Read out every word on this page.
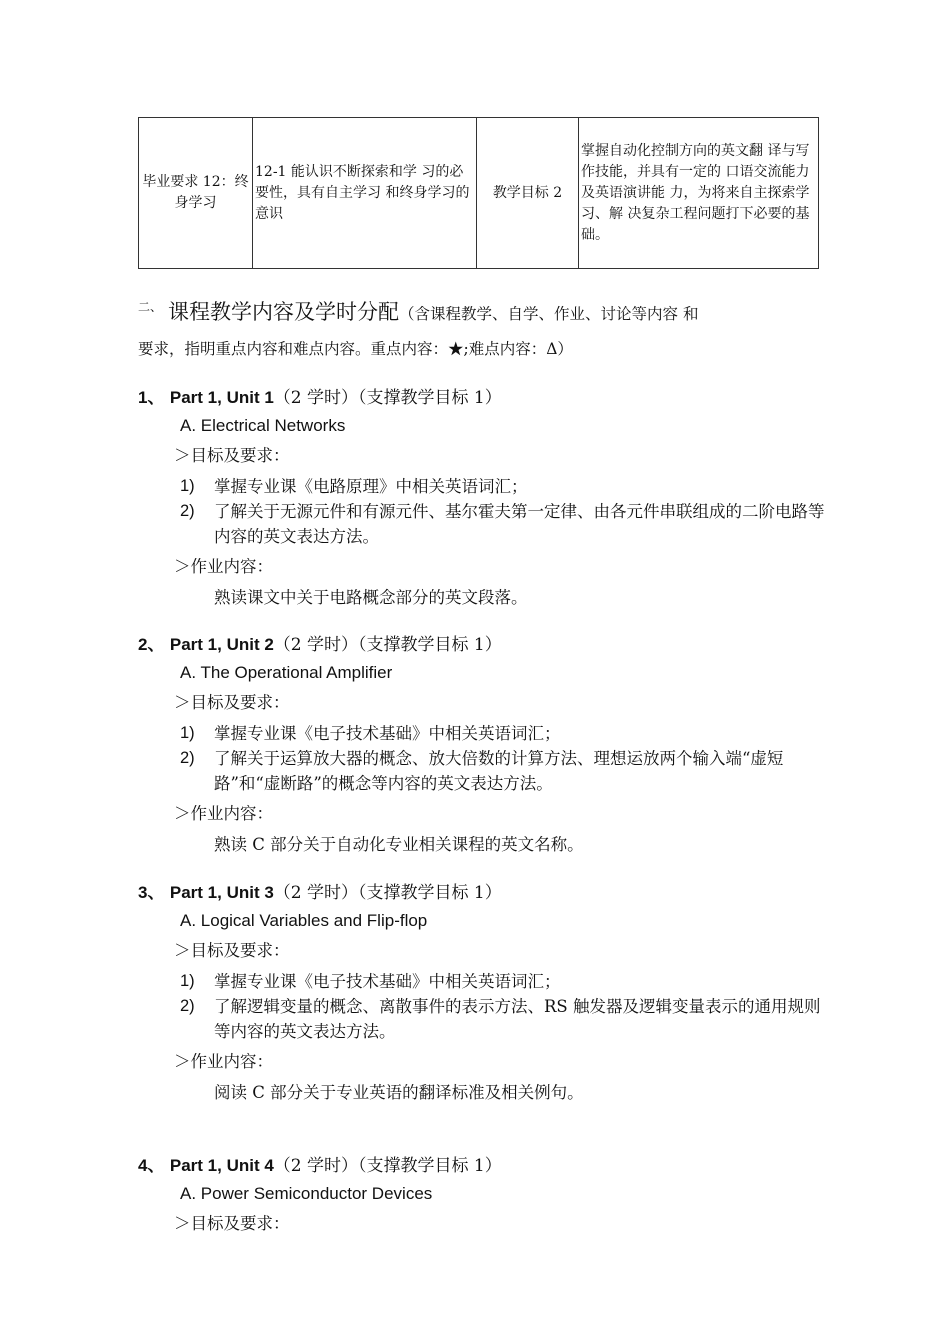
毕业要求 12：终身学习	12-1 能认识不断探索和学 习的必要性，具有自主学习 和终身学习的意识	教学目标 2	掌握自动化控制方向的英文翻 译与写作技能，并具有一定的 口语交流能力及英语演讲能 力，为将来自主探索学习、解 决复杂工程问题打下必要的基 础。
$^{二、}$ 课程教学内容及学时分配（含课程教学、自学、作业、讨论等内容 和
要求，指明重点内容和难点内容。重点内容：★;难点内容：Δ）
1、 Part 1, Unit 1（2 学时）（支撑教学目标 1）
A. Electrical Networks
＞目标及要求：
1) 掌握专业课《电路原理》中相关英语词汇；
2) 了解关于无源元件和有源元件、基尔霍夫第一定律、由各元件串联组成的二阶电路等内容的英文表达方法。
＞作业内容：
熟读课文中关于电路概念部分的英文段落。
2、 Part 1, Unit 2（2 学时）（支撑教学目标 1）
A. The Operational Amplifier
＞目标及要求：
1) 掌握专业课《电子技术基础》中相关英语词汇；
2) 了解关于运算放大器的概念、放大倍数的计算方法、理想运放两个输入端“虚短路”和“虚断路”的概念等内容的英文表达方法。
＞作业内容：
熟读 C 部分关于自动化专业相关课程的英文名称。
3、 Part 1, Unit 3（2 学时）（支撑教学目标 1）
A. Logical Variables and Flip-flop
＞目标及要求：
1) 掌握专业课《电子技术基础》中相关英语词汇；
2) 了解逻辑变量的概念、离散事件的表示方法、RS 触发器及逻辑变量表示的通用规则等内容的英文表达方法。
＞作业内容：
阅读 C 部分关于专业英语的翻译标准及相关例句。
4、 Part 1, Unit 4（2 学时）（支撑教学目标 1）
A. Power Semiconductor Devices
＞目标及要求：
